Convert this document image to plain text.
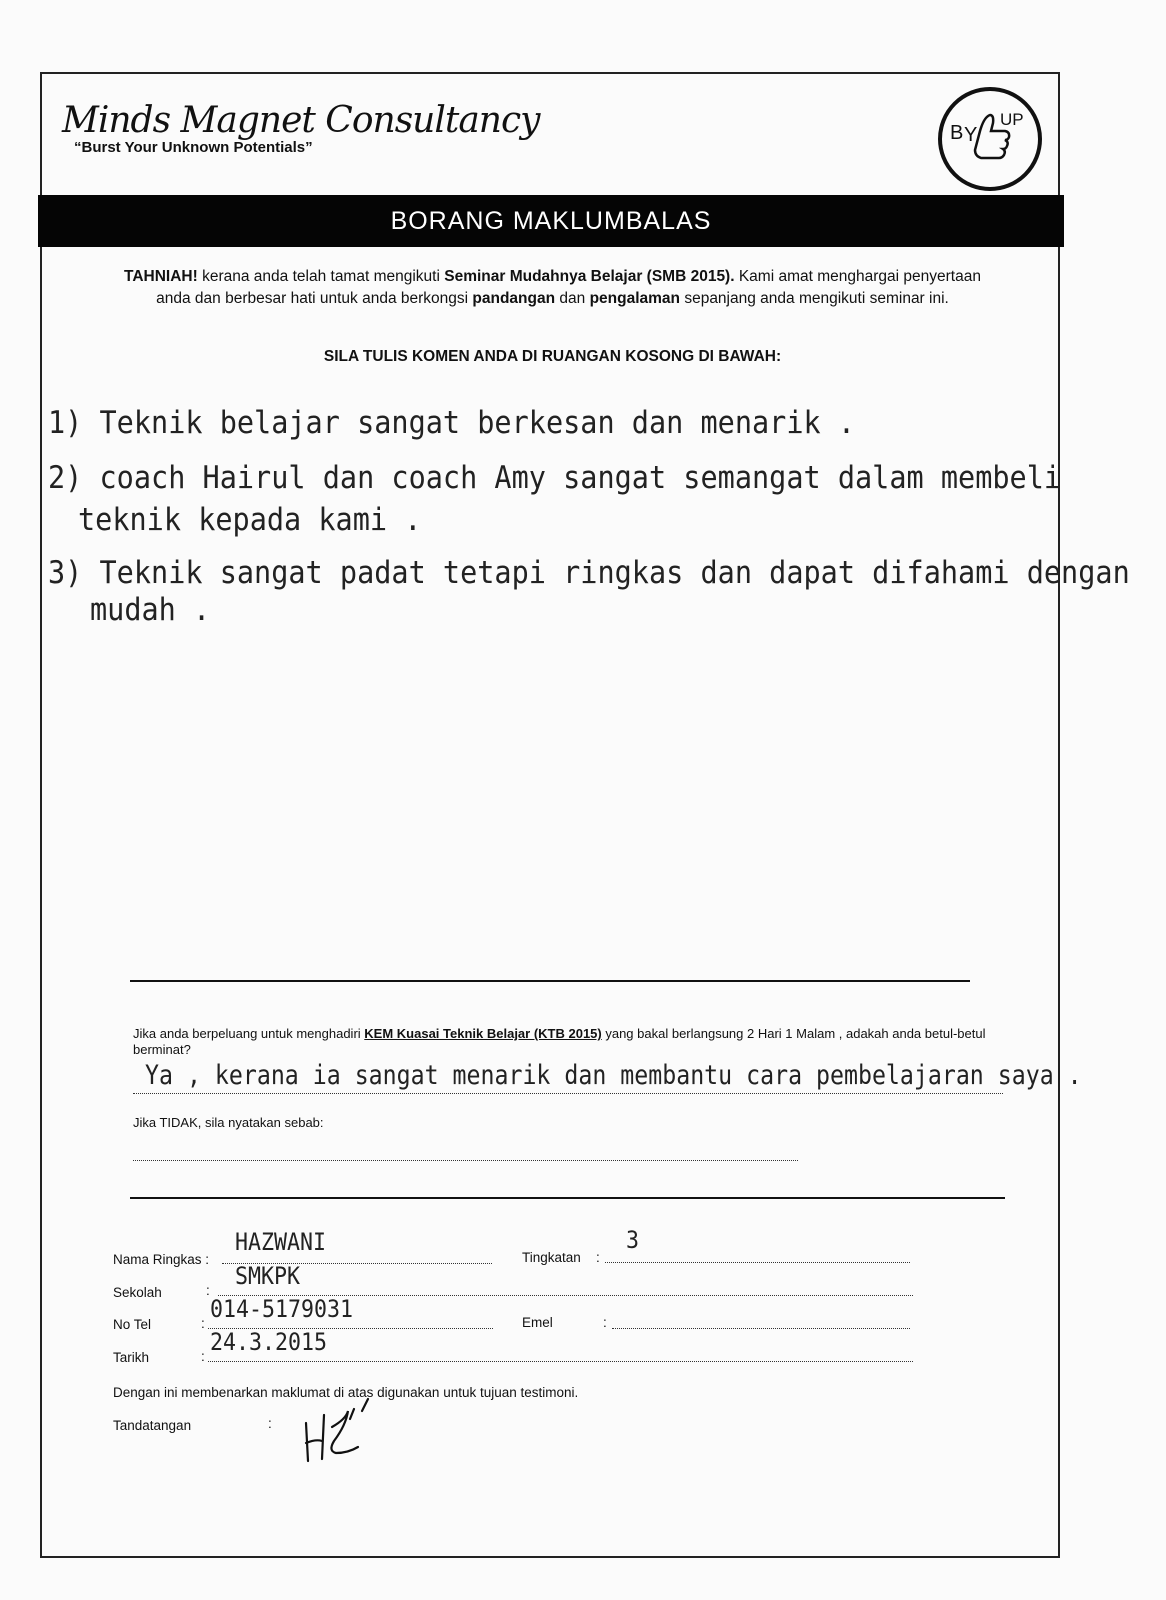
Minds Magnet Consultancy
“Burst Your Unknown Potentials”
B Y
UP
BORANG MAKLUMBALAS
TAHNIAH! kerana anda telah tamat mengikuti Seminar Mudahnya Belajar (SMB 2015). Kami amat menghargai penyertaan anda dan berbesar hati untuk anda berkongsi pandangan dan pengalaman sepanjang anda mengikuti seminar ini.
SILA TULIS KOMEN ANDA DI RUANGAN KOSONG DI BAWAH:
1) Teknik belajar sangat berkesan dan menarik .
2) coach Hairul dan coach Amy sangat semangat dalam membeli
teknik kepada kami .
3) Teknik sangat padat tetapi ringkas dan dapat difahami dengan
mudah .
Jika anda berpeluang untuk menghadiri KEM Kuasai Teknik Belajar (KTB 2015) yang bakal berlangsung 2 Hari 1 Malam , adakah anda betul-betul berminat?
Ya , kerana ia sangat menarik dan membantu cara pembelajaran saya .
Jika TIDAK, sila nyatakan sebab:
Nama Ringkas :
HAZWANI
Tingkatan :
3
Sekolah	:
SMKPK
No Tel	:
014-5179031	Emel	:
Tarikh	:
24.3.2015
Dengan ini membenarkan maklumat di atas digunakan untuk tujuan testimoni.
Tandatangan	:
